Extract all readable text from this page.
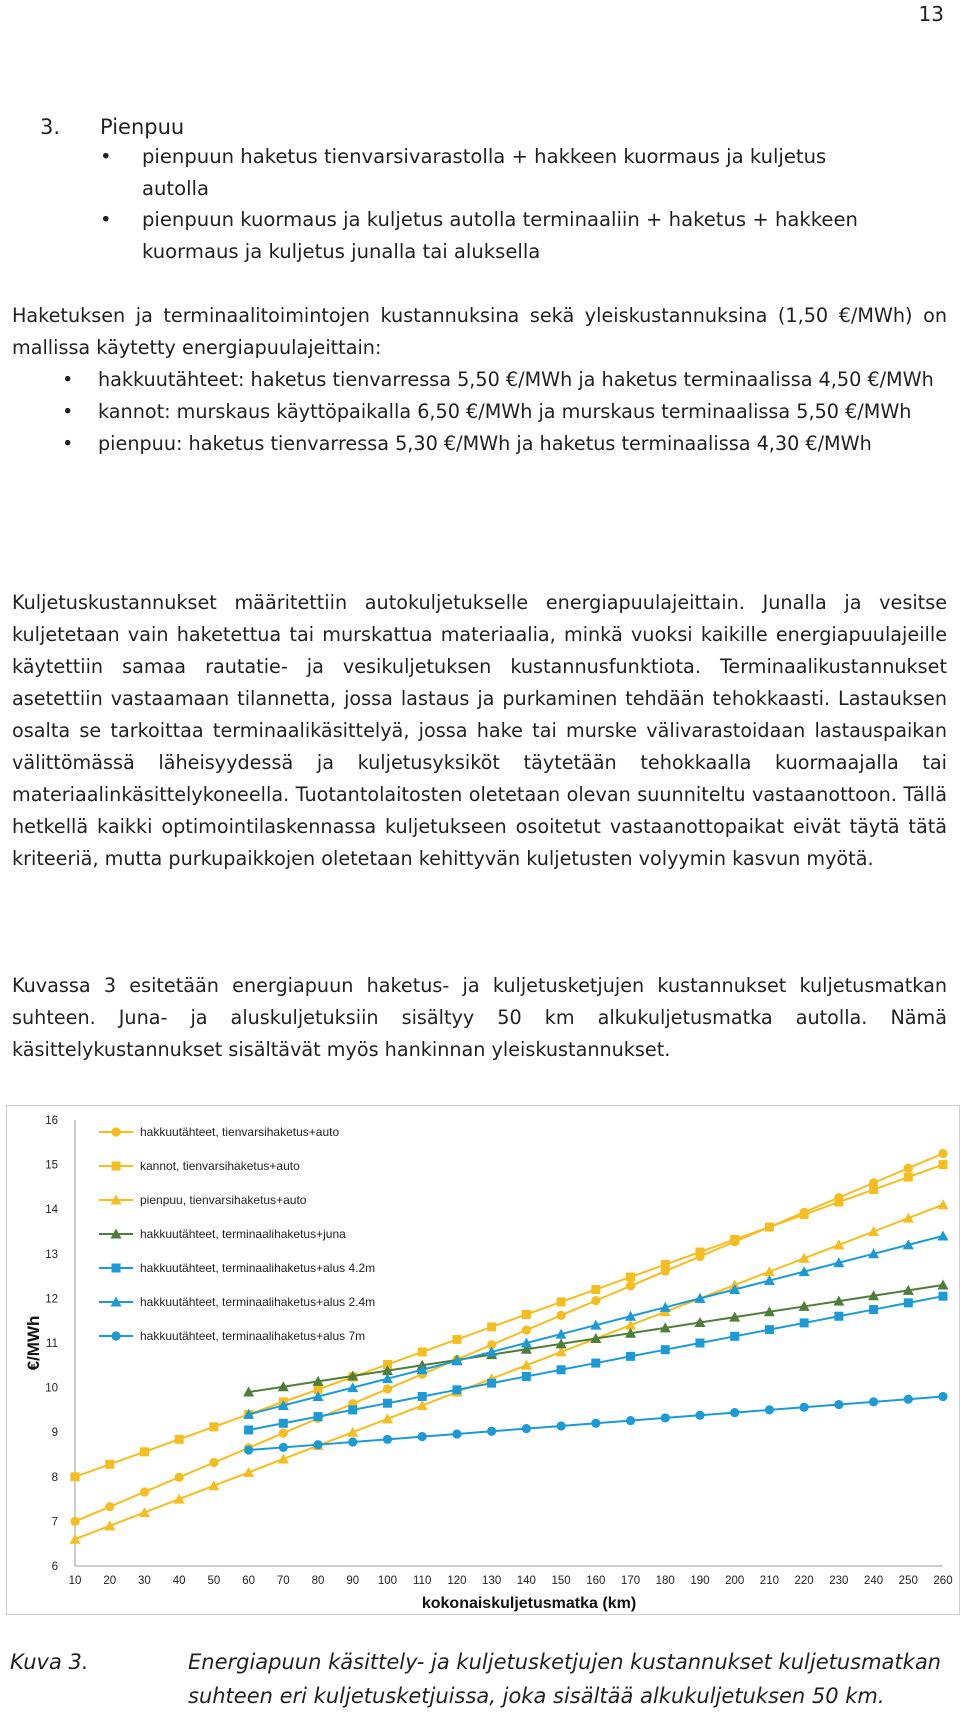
13
3. Pienpuu
• pienpuun haketus tienvarsivarastolla + hakkeen kuormaus ja kuljetus autolla
• pienpuun kuormaus ja kuljetus autolla terminaaliin + haketus + hakkeen kuormaus ja kuljetus junalla tai aluksella

Haketuksen ja terminaalitoimintojen kustannuksina sekä yleiskustannuksina (1,50 €/MWh) on mallissa käytetty energiapuulajeittain:

• hakkuutähteet: haketus tienvarressa 5,50 €/MWh ja haketus terminaalissa 4,50 €/MWh
• kannot: murskaus käyttöpaikalla 6,50 €/MWh ja murskaus terminaalissa 5,50 €/MWh
• pienpuu: haketus tienvarressa 5,30 €/MWh ja haketus terminaalissa 4,30 €/MWh

Kuljetuskustannukset määritettiin autokuljetukselle energiapuulajeittain. Junalla ja vesitse kuljetetaan vain haketettua tai murskattua materiaalia, minkä vuoksi kaikille energiapuulajeille käytettiin samaa rautatie- ja vesikuljetuksen kustannusfunktiota. Terminaalikustannukset asetettiin vastaamaan tilannetta, jossa lastaus ja purkaminen tehdään tehokkaasti. Lastauksen osalta se tarkoittaa terminaalikäsittelyä, jossa hake tai murske välivarastoidaan lastauspaikan välittömässä läheisyydessä ja kuljetusyksiköt täytetään tehokkaalla kuormaajalla tai materiaalinkäsittelykoneella. Tuotantolaitosten oletetaan olevan suunniteltu vastaanottoon. Tällä hetkellä kaikki optimointilaskennassa kuljetukseen osoitetut vastaanottopaikat eivät täytä tätä kriteeriä, mutta purkupaikkojen oletetaan kehittyvän kuljetusten volyymin kasvun myötä.

Kuvassa 3 esitetään energiapuun haketus- ja kuljetusketjujen kustannukset kuljetusmatkan suhteen. Juna- ja aluskuljetuksiin sisältyy 50 km alkukuljetusmatka autolla. Nämä käsittelykustannukset sisältävät myös hankinnan yleiskustannukset.

6
7
8
9
10
11
12
13
14
15
16
10 20 30 40 50 60 70 80 90 100 110 120 130 140 150 160 170 180 190 200 210 220 230 240 250 260
kokonaiskuljetusmatka (km)
€/MWh
hakkuutähteet, tienvarsihaketus+auto
kannot, tienvarsihaketus+auto
pienpuu, tienvarsihaketus+auto
hakkuutähteet, terminaalihaketus+juna
hakkuutähteet, terminaalihaketus+alus 4.2m
hakkuutähteet, terminaalihaketus+alus 2.4m
hakkuutähteet, terminaalihaketus+alus 7m
Kuva 3.	Energiapuun käsittely- ja kuljetusketjujen kustannukset kuljetusmatkan suhteen eri kuljetusketjuissa, joka sisältää alkukuljetuksen 50 km.
